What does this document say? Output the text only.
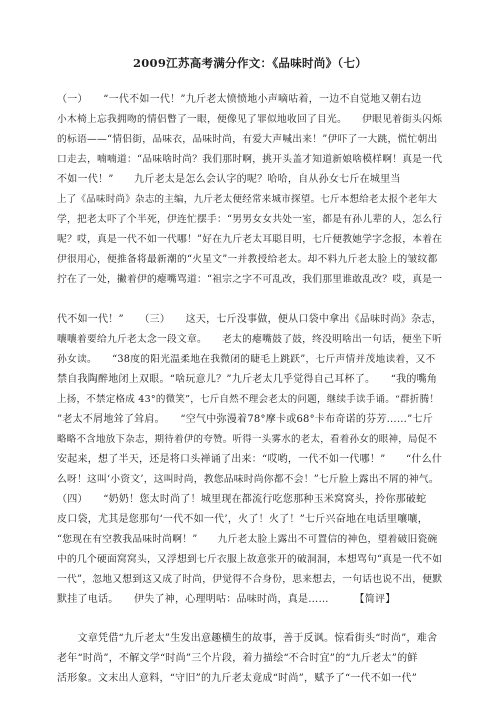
2009江苏高考满分作文：《品味时尚》（七）
（一）　　“一代不如一代！”九斤老太愤愤地小声嘀咕着，一边不自觉地又朝右边
小木椅上忘我拥吻的情侣瞥了一眼，便像见了罪似地收回了目光。　　伊眼见着街头闪烁
的标语——“情侣街，品味衣，品味时尚，有爱大声喊出来！”伊吓了一大跳，慌忙朝出
口走去，喃喃道：“品味啥时尚？我们那时啊，挑开头盖才知道新娘啥模样啊！真是一代
不如一代！”　　九斤老太是怎么会认字的呢？哈哈，自从孙女七斤在城里当
上了《品味时尚》杂志的主编，九斤老太便经常来城市探望。七斤本想给老太报个老年大
学，把老太吓了个半死，伊连忙摆手：“男男女女共处一室，都是有孙儿辈的人，怎么行
呢？哎，真是一代不如一代哪！”好在九斤老太耳聪目明，七斤便教她学字念报，本着在
伊很用心，便推备将最新潮的“火星文”一并教授给老太。却不料九斤老太脸上的皱纹都
拧在了一处，撇着伊的瘪嘴骂道：“祖宗之字不可乱改，我们那里谁敢乱改？哎，真是一
代不如一代！”　　（三）　　这天，七斤没事做，便从口袋中拿出《品味时尚》杂志，
嚷嚷着要给九斤老太念一段文章。　　老太的瘪嘴鼓了鼓，终没明啥出一句话，便坐下听
孙女读。　　“38度的阳光温柔地在我微闭的睫毛上跳跃”，七斤声情并茂地读着，又不
禁自我陶醉地闭上双眼。“啥玩意儿？”九斤老太几乎觉得自己耳杯了。　　“我的嘴角
上扬，不禁定格成 43°的微笑”，七斤自然不理会老太的问题，继续手读手诵。“群折腾！
”老太不屑地耸了耸肩。　　“空气中弥漫着78°摩卡或68°卡布奇诺的芬芳……”七斤
略略不含地放下杂志，期待着伊的夸赞。听得一头雾水的老太，看着孙女的眼神，局促不
安起来，想了半天，还是将口头禅诵了出来：“哎哟，一代不如一代哪！”　　“什么什
么呀！这叫‘小资文’，这叫时尚，教您品味时尚你都不会！”七斤脸上露出不屑的神气。
（四）　　“奶奶！您太时尚了！城里现在都流行吃您那种玉米窝窝头，拎你那破蛇
皮口袋，尤其是您那句‘一代不如一代’，火了！火了！”七斤兴奋地在电话里嚷嚷，
“您现在有空教我品味时尚啊！”　　九斤老太脸上露出不可置信的神色，望着破旧瓷碗
中的几个硬面窝窝头，又浮想到七斤衣服上故意张开的破洞洞，本想骂句“真是一代不如
一代”，忽地又想到这又成了时尚，伊觉得不合身份，思来想去，一句话也说不出，便默
默挂了电话。　　伊失了神，心理明咕：品味时尚，真是……　　　【简评】
　　文章凭借“九斤老太”生发出意趣横生的故事，善于反讽。惊看街头“时尚”，难舍
老年“时尚”，不解文学“时尚”三个片段，着力描绘“不合时宜”的“九斤老太”的鲜
活形象。文末出人意料，“守旧”的九斤老太竟成“时尚”，赋予了“一代不如一代”
